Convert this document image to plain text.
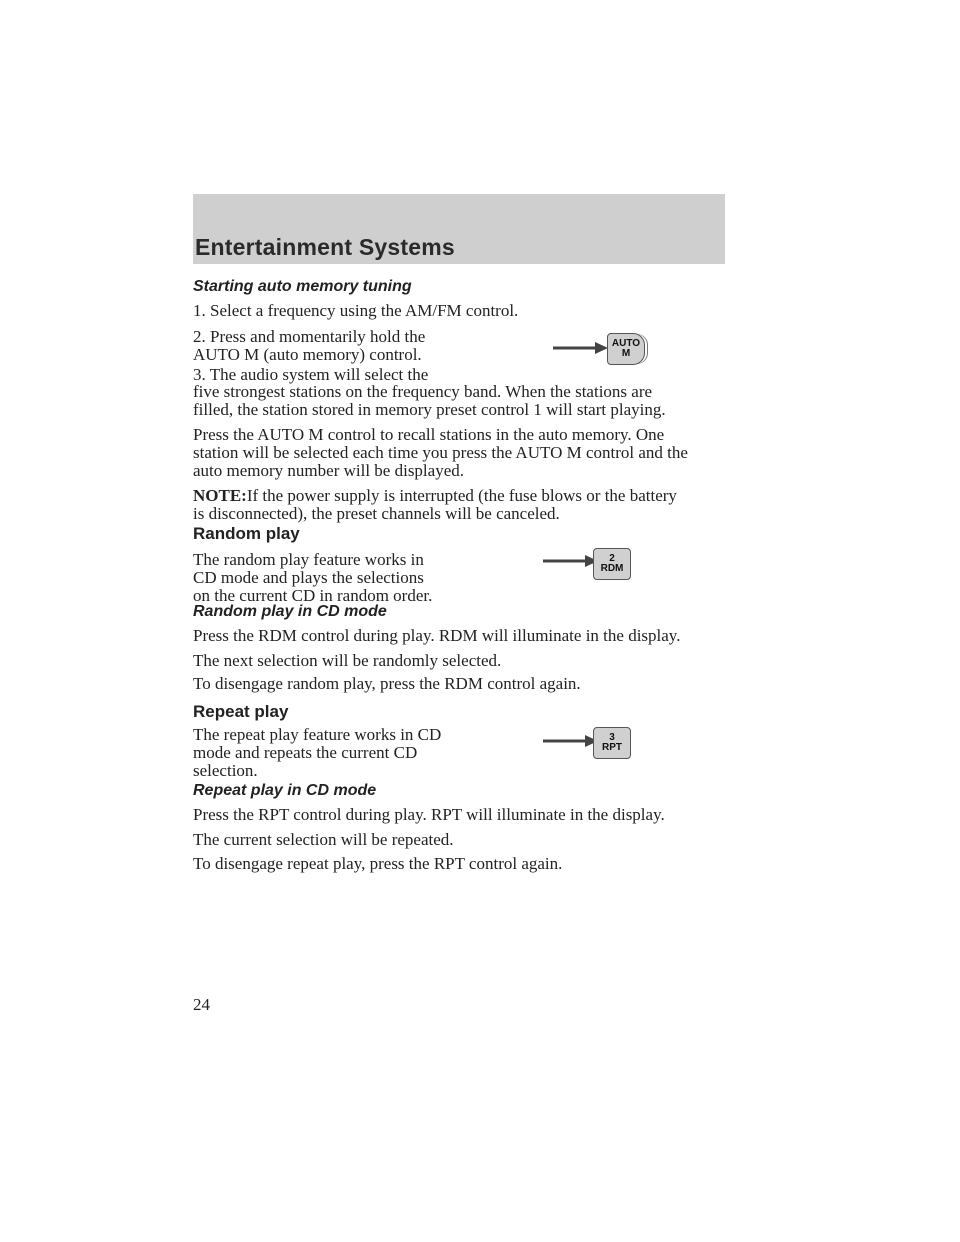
Entertainment Systems
Starting auto memory tuning
1. Select a frequency using the AM/FM control.
2. Press and momentarily hold the
AUTO M (auto memory) control.
3. The audio system will select the
five strongest stations on the frequency band. When the stations are
filled, the station stored in memory preset control 1 will start playing.
Press the AUTO M control to recall stations in the auto memory. One
station will be selected each time you press the AUTO M control and the
auto memory number will be displayed.
NOTE:If the power supply is interrupted (the fuse blows or the battery
is disconnected), the preset channels will be canceled.
AUTO
M
Random play
The random play feature works in
CD mode and plays the selections
on the current CD in random order.
2
RDM
Random play in CD mode
Press the RDM control during play. RDM will illuminate in the display.
The next selection will be randomly selected.
To disengage random play, press the RDM control again.
Repeat play
The repeat play feature works in CD
mode and repeats the current CD
selection.
3
RPT
Repeat play in CD mode
Press the RPT control during play. RPT will illuminate in the display.
The current selection will be repeated.
To disengage repeat play, press the RPT control again.
24
